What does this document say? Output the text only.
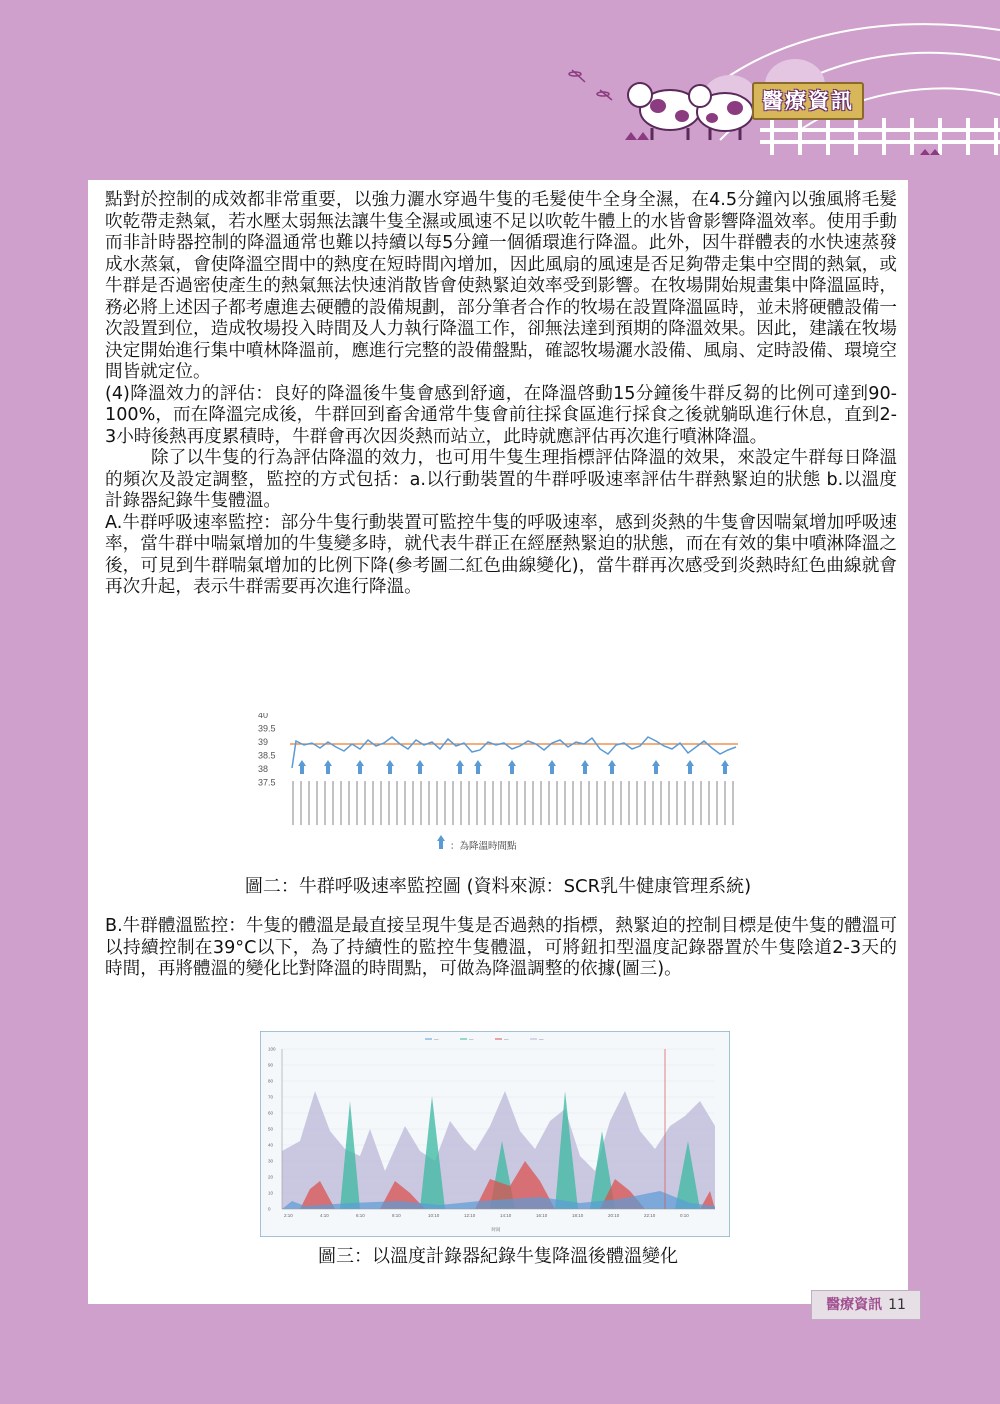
醫療資訊

點對於控制的成效都非常重要，以強力灑水穿過牛隻的毛髮使牛全身全濕，在4.5分鐘內以強風將毛髮吹乾帶走熱氣，若水壓太弱無法讓牛隻全濕或風速不足以吹乾牛體上的水皆會影響降溫效率。使用手動而非計時器控制的降溫通常也難以持續以每5分鐘一個循環進行降溫。此外，因牛群體表的水快速蒸發成水蒸氣，會使降溫空間中的熱度在短時間內增加，因此風扇的風速是否足夠帶走集中空間的熱氣，或牛群是否過密使產生的熱氣無法快速消散皆會使熱緊迫效率受到影響。在牧場開始規畫集中降溫區時，務必將上述因子都考慮進去硬體的設備規劃，部分筆者合作的牧場在設置降溫區時，並未將硬體設備一次設置到位，造成牧場投入時間及人力執行降溫工作，卻無法達到預期的降溫效果。因此，建議在牧場決定開始進行集中噴林降溫前，應進行完整的設備盤點，確認牧場灑水設備、風扇、定時設備、環境空間皆就定位。

(4)降溫效力的評估：良好的降溫後牛隻會感到舒適，在降溫啓動15分鐘後牛群反芻的比例可達到90-100%，而在降溫完成後，牛群回到畜舍通常牛隻會前往採食區進行採食之後就躺臥進行休息，直到2-3小時後熱再度累積時，牛群會再次因炎熱而站立，此時就應評估再次進行噴淋降溫。

除了以牛隻的行為評估降溫的效力，也可用牛隻生理指標評估降溫的效果，來設定牛群每日降溫的頻次及設定調整，監控的方式包括：a.以行動裝置的牛群呼吸速率評估牛群熱緊迫的狀態 b.以溫度計錄器紀錄牛隻體溫。

A.牛群呼吸速率監控：部分牛隻行動裝置可監控牛隻的呼吸速率，感到炎熱的牛隻會因喘氣增加呼吸速率，當牛群中喘氣增加的牛隻變多時，就代表牛群正在經歷熱緊迫的狀態，而在有效的集中噴淋降溫之後，可見到牛群喘氣增加的比例下降(參考圖二紅色曲線變化)，當牛群再次感受到炎熱時紅色曲線就會再次升起，表示牛群需要再次進行降溫。

40
39.5
39
38.5
38
37.5
：為降溫時間點
圖二：牛群呼吸速率監控圖 (資料來源：SCR乳牛健康管理系統)

B.牛群體溫監控：牛隻的體溫是最直接呈現牛隻是否過熱的指標，熱緊迫的控制目標是使牛隻的體溫可以持續控制在39°C以下，為了持續性的監控牛隻體溫，可將鈕扣型溫度記錄器置於牛隻陰道2-3天的時間，再將體溫的變化比對降溫的時間點，可做為降溫調整的依據(圖三)。

—	—	—	—
100
90
80
70
60
50
40
30
20
10
0
2:10	4:10	6:10	8:10	10:10	12:10	14:10	16:10	18:10	20:10	22:10	0:10
时间
圖三：以溫度計錄器紀錄牛隻降溫後體溫變化
醫療資訊 11
